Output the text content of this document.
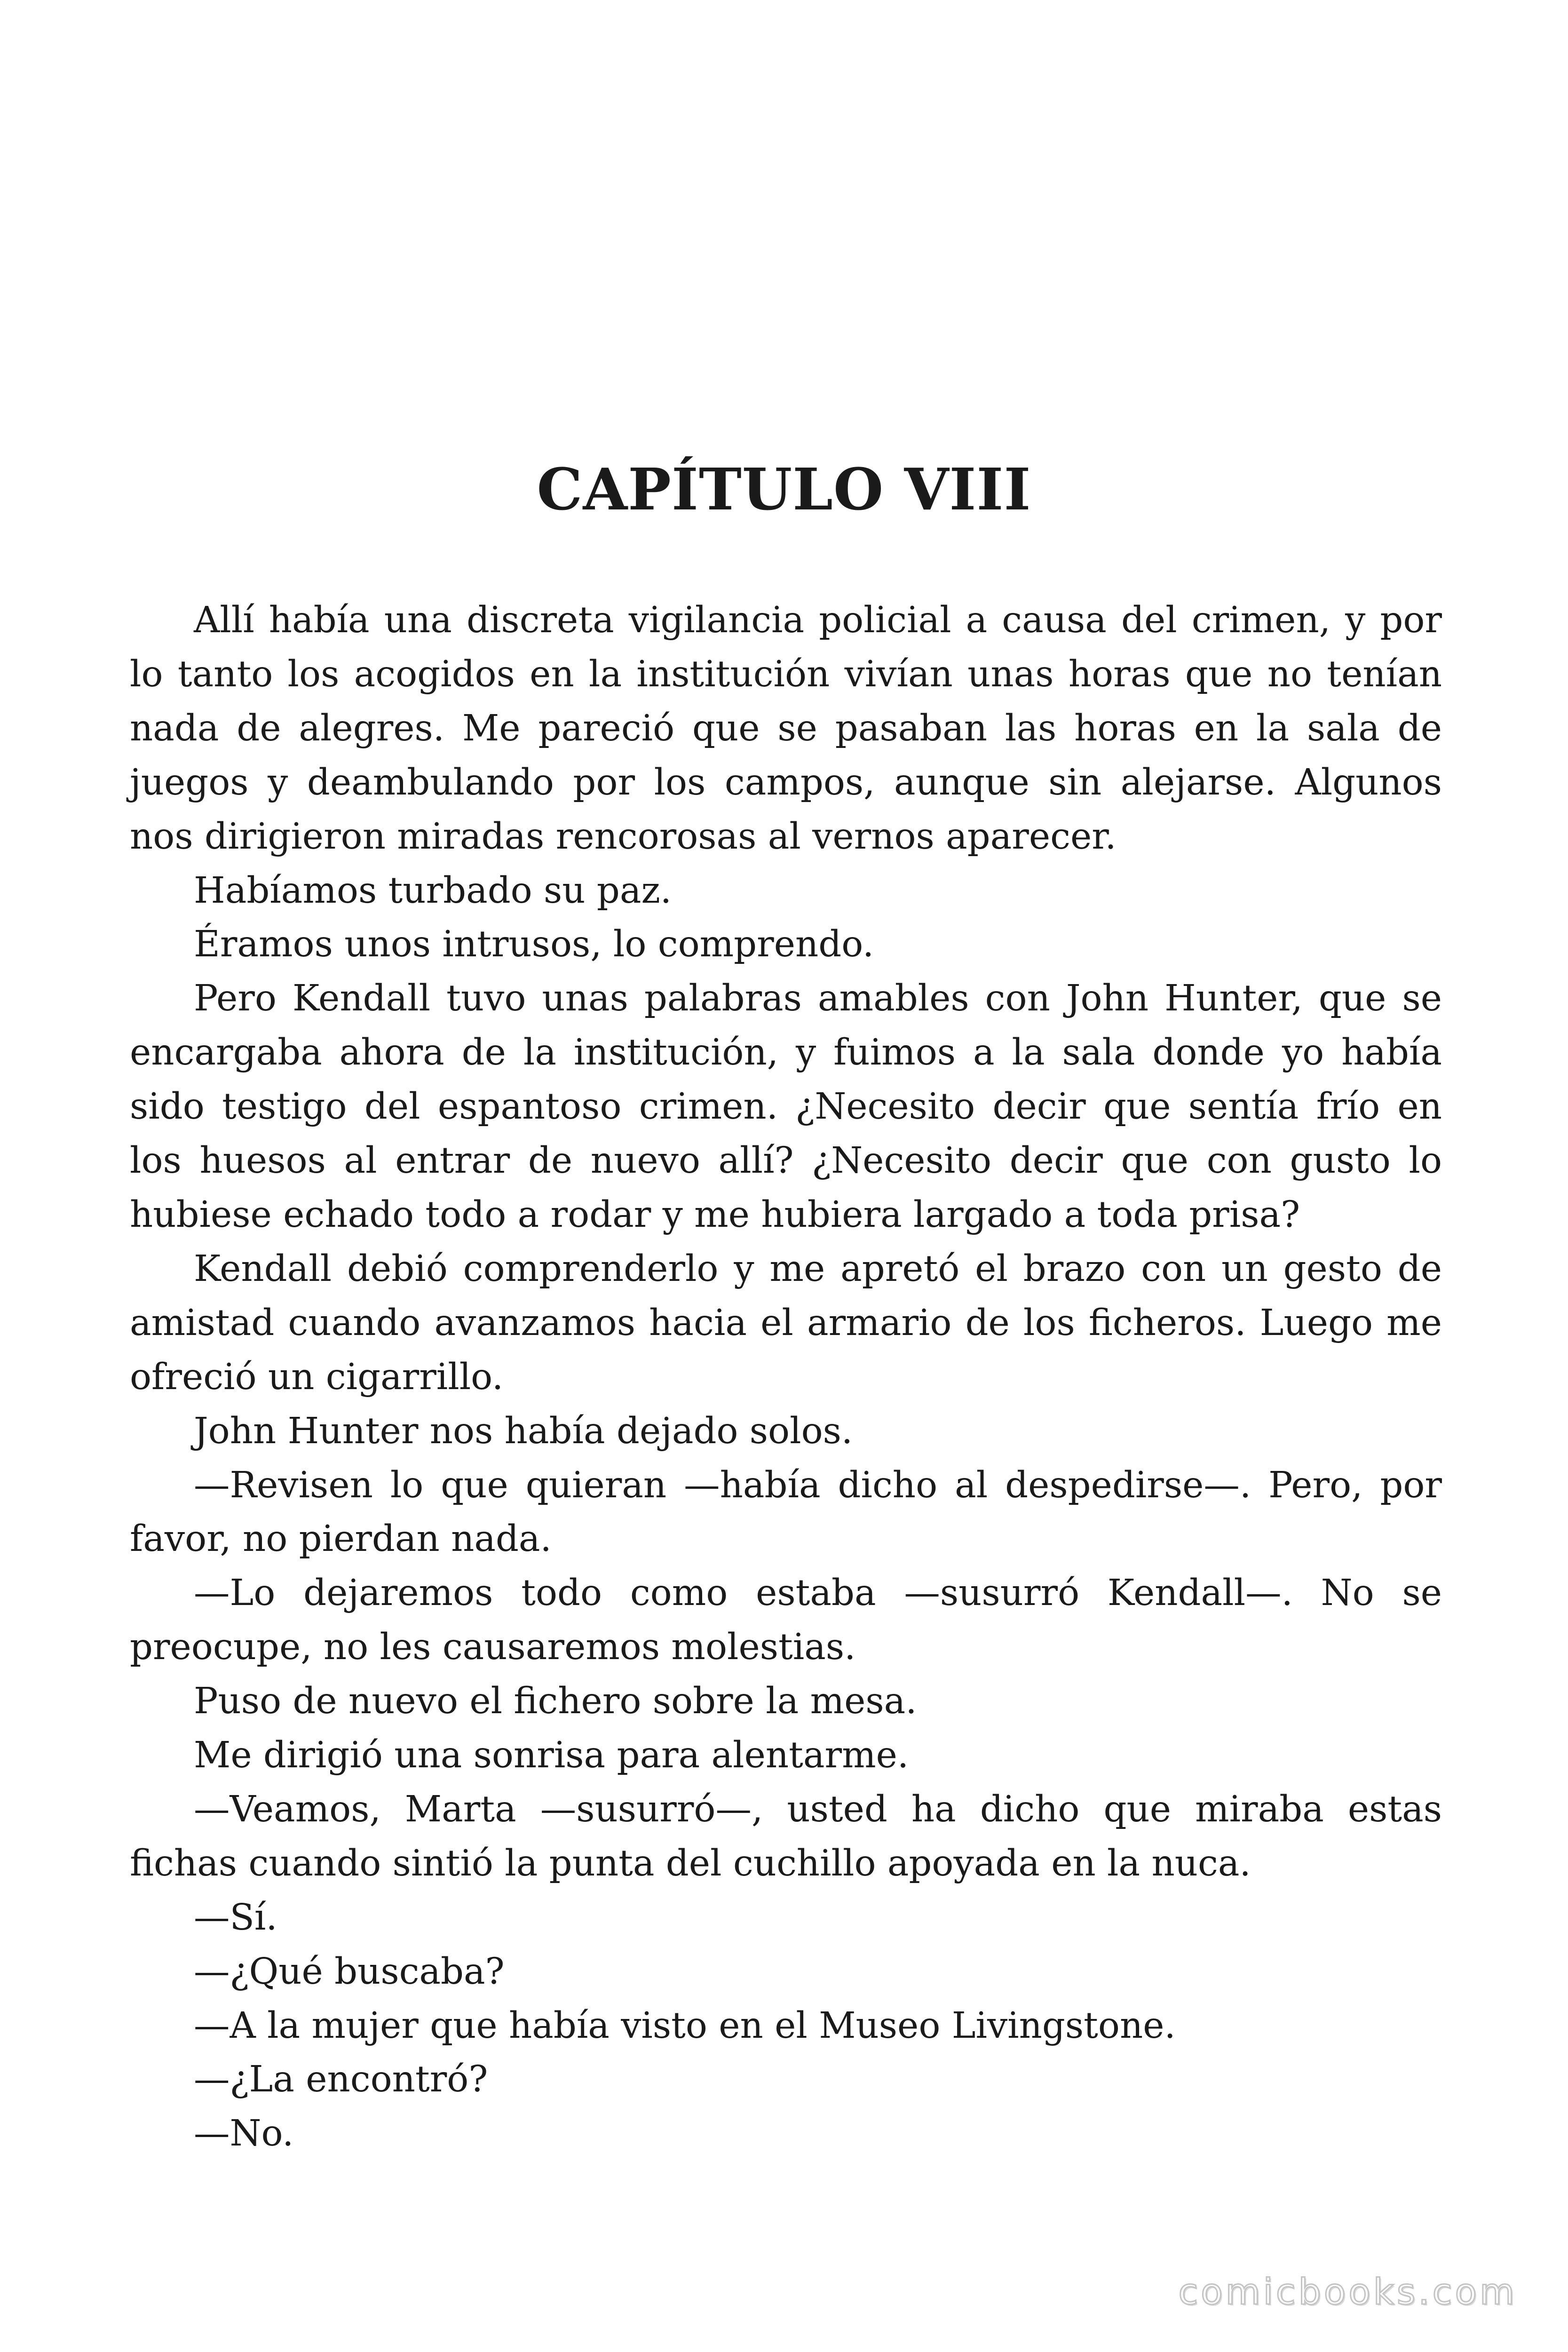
CAPÍTULO VIII

Allí había una discreta vigilancia policial a causa del crimen, y por lo tanto los acogidos en la institución vivían unas horas que no tenían nada de alegres. Me pareció que se pasaban las horas en la sala de juegos y deambulando por los campos, aunque sin alejarse. Algunos nos dirigieron miradas rencorosas al vernos aparecer.

Habíamos turbado su paz.

Éramos unos intrusos, lo comprendo.

Pero Kendall tuvo unas palabras amables con John Hunter, que se encargaba ahora de la institución, y fuimos a la sala donde yo había sido testigo del espantoso crimen. ¿Necesito decir que sentía frío en los huesos al entrar de nuevo allí? ¿Necesito decir que con gusto lo hubiese echado todo a rodar y me hubiera largado a toda prisa?

Kendall debió comprenderlo y me apretó el brazo con un gesto de amistad cuando avanzamos hacia el armario de los ficheros. Luego me ofreció un cigarrillo.

John Hunter nos había dejado solos.

—Revisen lo que quieran —había dicho al despedirse—. Pero, por favor, no pierdan nada.

—Lo dejaremos todo como estaba —susurró Kendall—. No se preocupe, no les causaremos molestias.

Puso de nuevo el fichero sobre la mesa.

Me dirigió una sonrisa para alentarme.

—Veamos, Marta —susurró—, usted ha dicho que miraba estas fichas cuando sintió la punta del cuchillo apoyada en la nuca.

—Sí.

—¿Qué buscaba?

—A la mujer que había visto en el Museo Livingstone.

—¿La encontró?

—No.

comicbooks.com
